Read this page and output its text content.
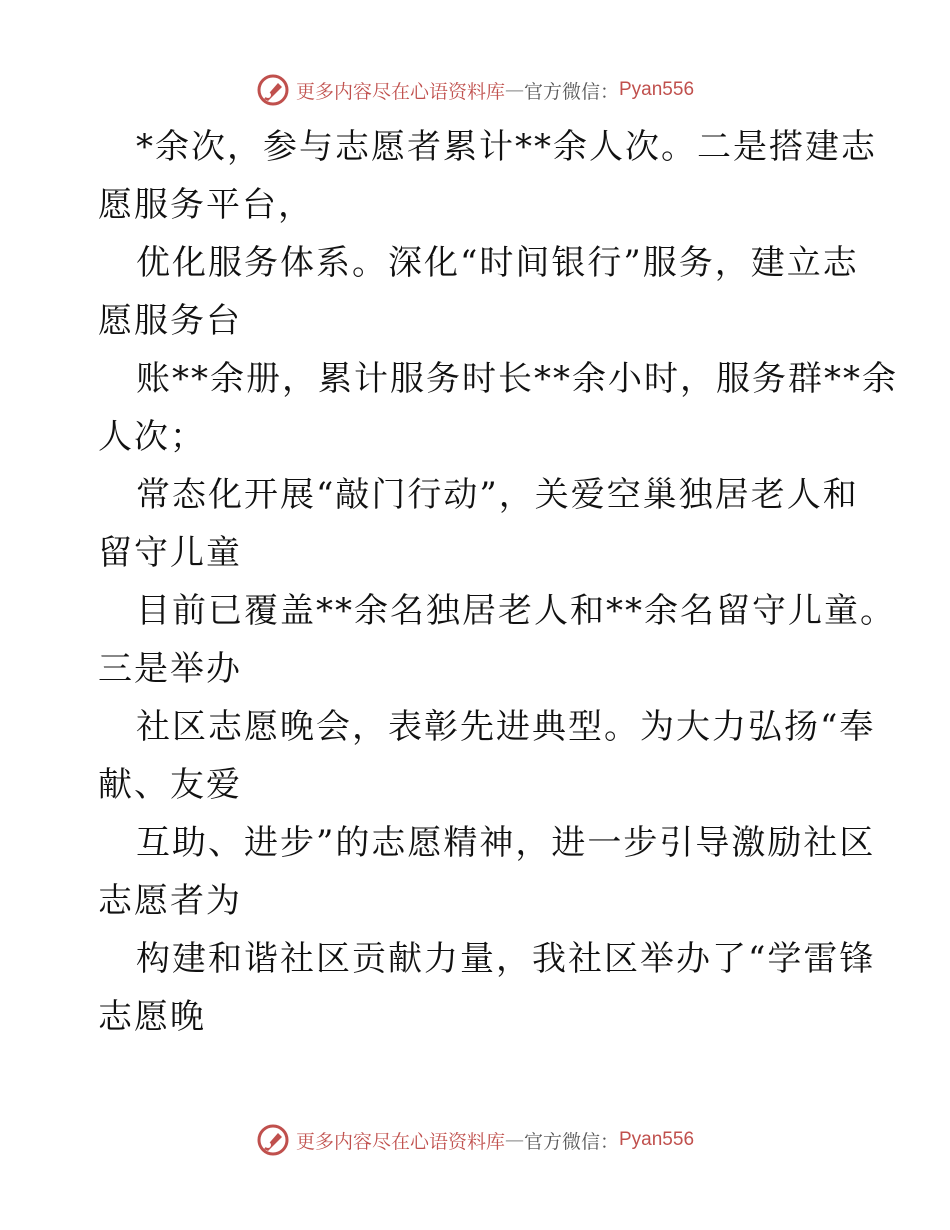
更多内容尽在心语资料库 — 官方微信： Pyan556
*余次，参与志愿者累计**余人次。二是搭建志
愿服务平台，
优化服务体系。深化“时间银行”服务，建立志
愿服务台
账**余册，累计服务时长**余小时，服务群**余
人次；
常态化开展“敲门行动”，关爱空巢独居老人和
留守儿童
目前已覆盖**余名独居老人和**余名留守儿童。
三是举办
社区志愿晚会，表彰先进典型。为大力弘扬“奉
献、友爱
互助、进步”的志愿精神，进一步引导激励社区
志愿者为
构建和谐社区贡献力量，我社区举办了“学雷锋
志愿晚
更多内容尽在心语资料库 — 官方微信： Pyan556
